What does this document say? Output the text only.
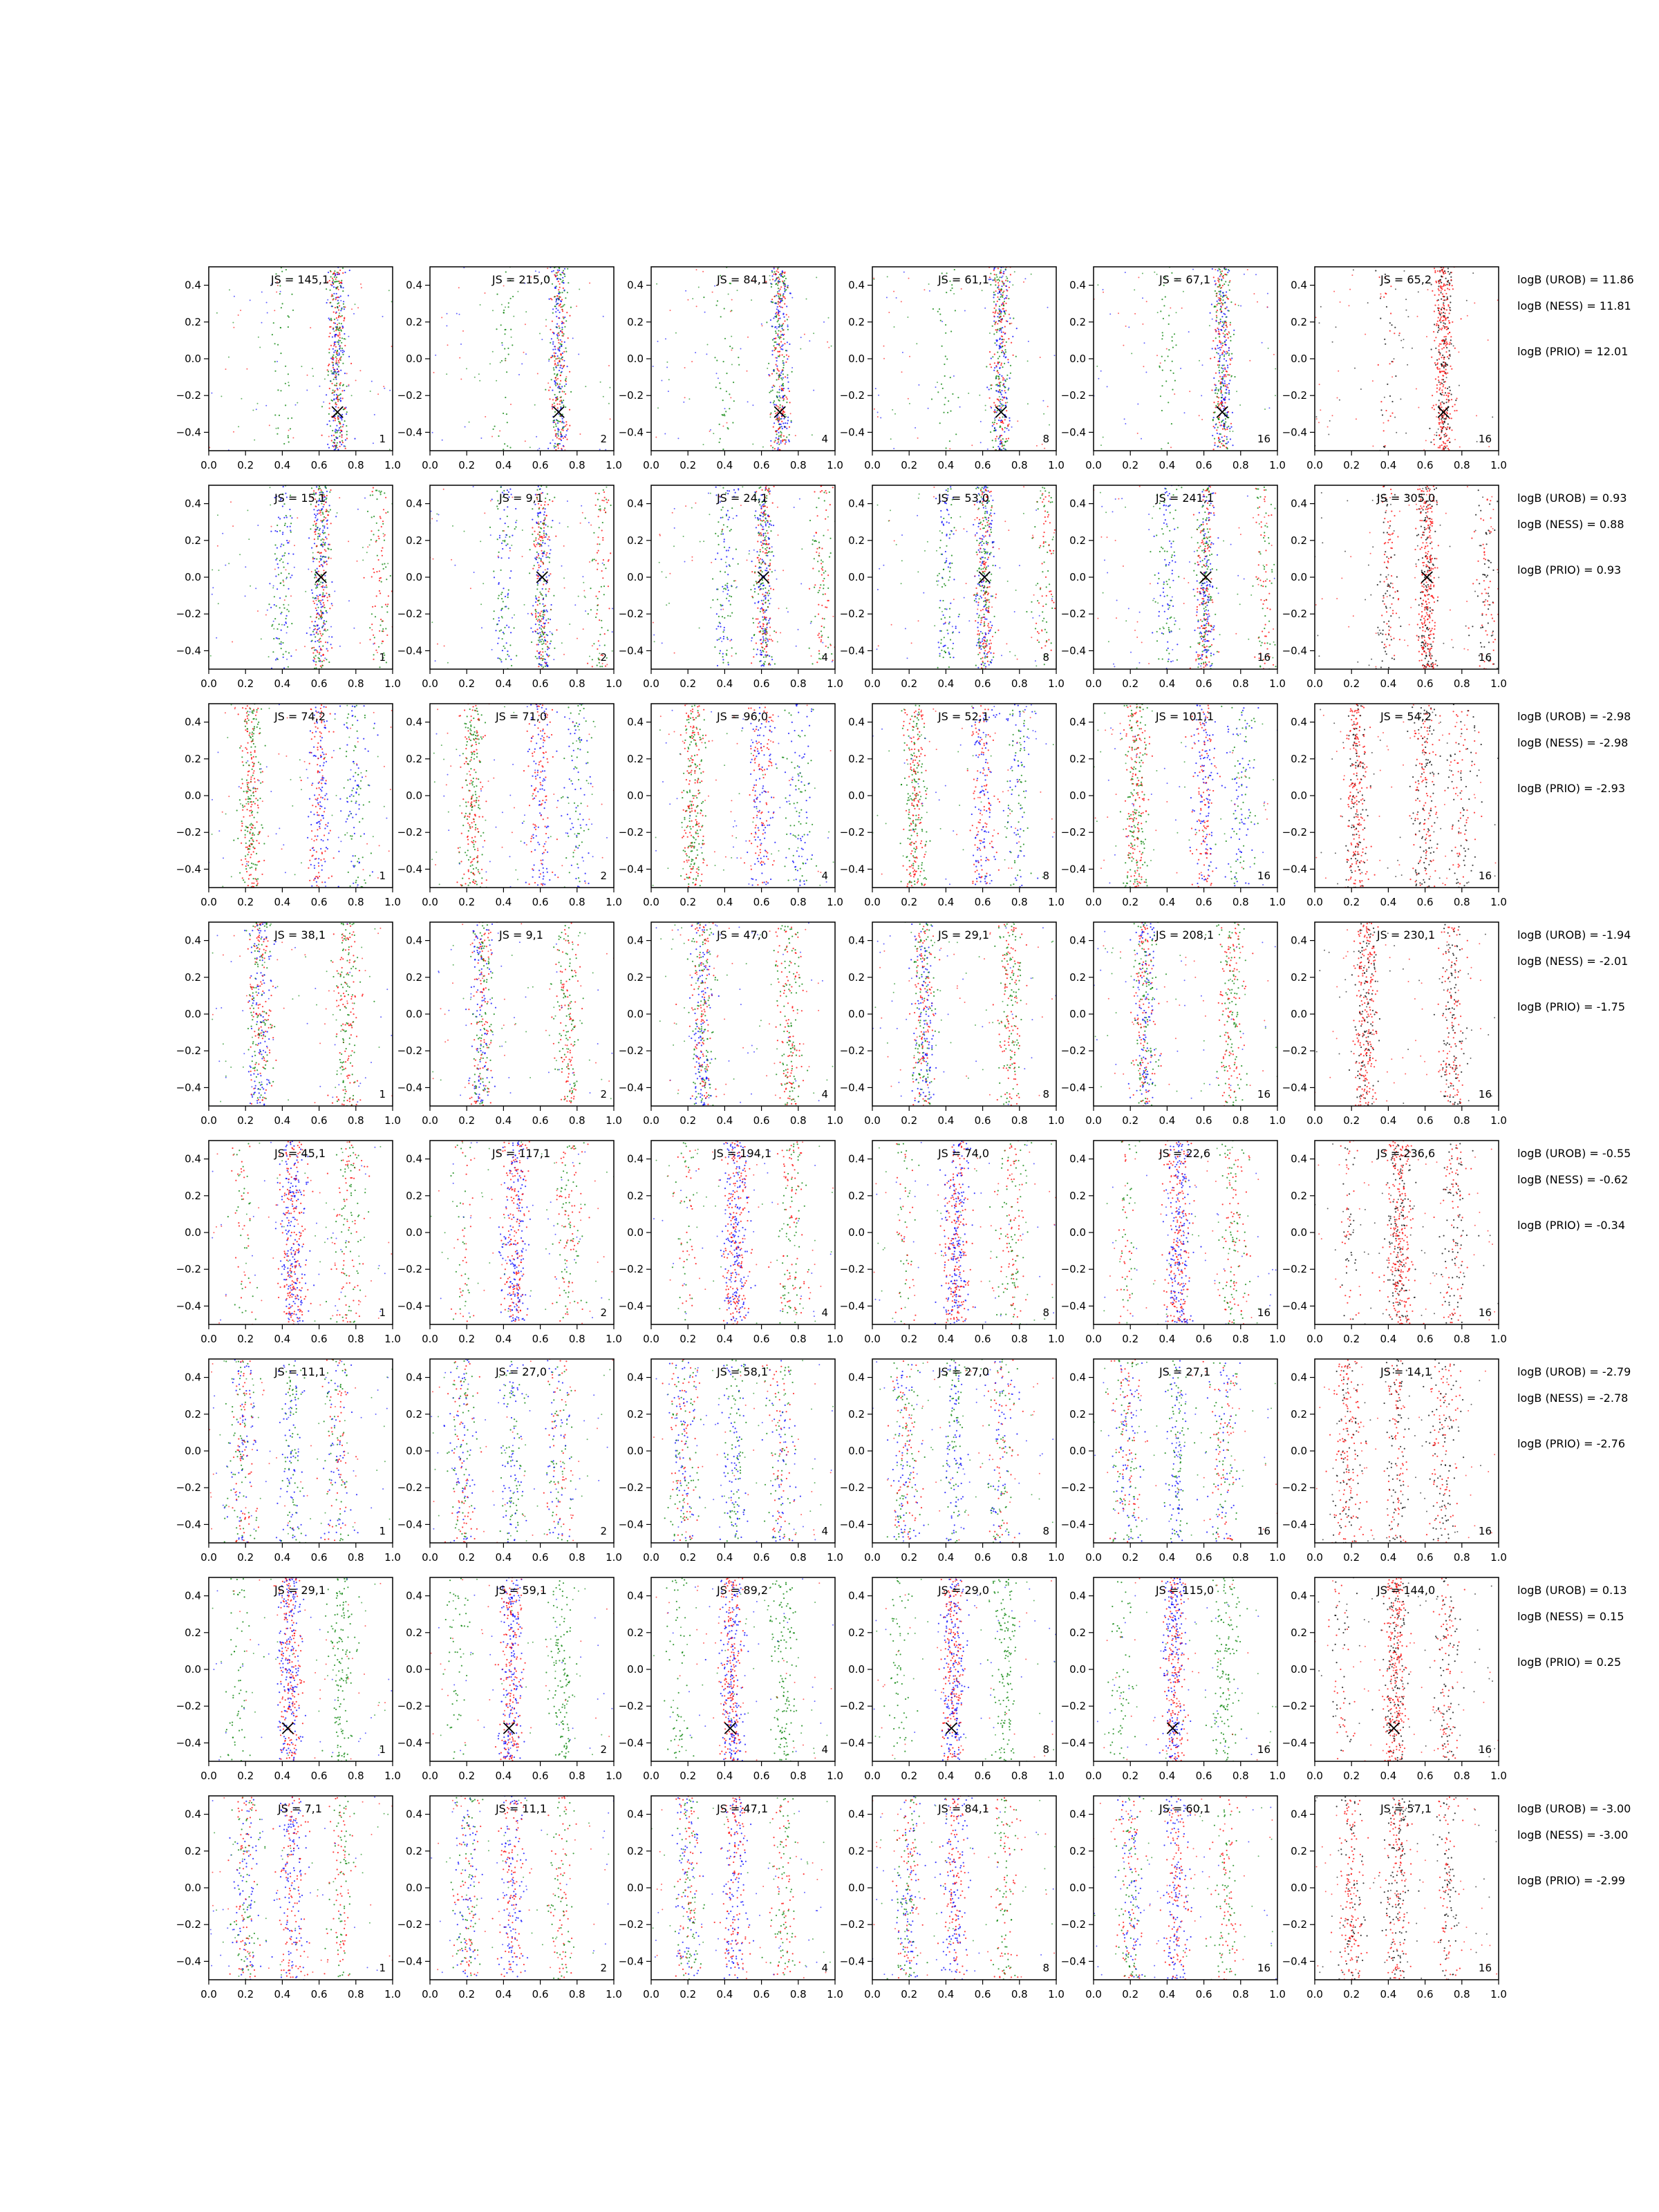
0.0 0.2 0.4 0.6 0.8 1.0
0.4
0.2
0.0
−0.2
−0.4
JS = 145,1
1
0.0 0.2 0.4 0.6 0.8 1.0
0.4
0.2
0.0
−0.2
−0.4
JS = 215,0
2
0.0 0.2 0.4 0.6 0.8 1.0
0.4
0.2
0.0
−0.2
−0.4
JS = 84,1
4
0.0 0.2 0.4 0.6 0.8 1.0
0.4
0.2
0.0
−0.2
−0.4
JS = 61,1
8
0.0 0.2 0.4 0.6 0.8 1.0
0.4
0.2
0.0
−0.2
−0.4
JS = 67,1
16
0.0 0.2 0.4 0.6 0.8 1.0
0.4
0.2
0.0
−0.2
−0.4
JS = 65,2
16
logB (UROB) = 11.86
logB (NESS) = 11.81
logB (PRIO) = 12.01
0.0 0.2 0.4 0.6 0.8 1.0
0.4
0.2
0.0
−0.2
−0.4
JS = 15,1
1
0.0 0.2 0.4 0.6 0.8 1.0
0.4
0.2
0.0
−0.2
−0.4
JS = 9,1
2
0.0 0.2 0.4 0.6 0.8 1.0
0.4
0.2
0.0
−0.2
−0.4
JS = 24,1
4
0.0 0.2 0.4 0.6 0.8 1.0
0.4
0.2
0.0
−0.2
−0.4
JS = 53,0
8
0.0 0.2 0.4 0.6 0.8 1.0
0.4
0.2
0.0
−0.2
−0.4
JS = 241,1
16
0.0 0.2 0.4 0.6 0.8 1.0
0.4
0.2
0.0
−0.2
−0.4
JS = 305,0
16
logB (UROB) = 0.93
logB (NESS) = 0.88
logB (PRIO) = 0.93
0.0 0.2 0.4 0.6 0.8 1.0
0.4
0.2
0.0
−0.2
−0.4
JS = 74,2
1
0.0 0.2 0.4 0.6 0.8 1.0
0.4
0.2
0.0
−0.2
−0.4
JS = 71,0
2
0.0 0.2 0.4 0.6 0.8 1.0
0.4
0.2
0.0
−0.2
−0.4
JS = 96,0
4
0.0 0.2 0.4 0.6 0.8 1.0
0.4
0.2
0.0
−0.2
−0.4
JS = 52,1
8
0.0 0.2 0.4 0.6 0.8 1.0
0.4
0.2
0.0
−0.2
−0.4
JS = 101,1
16
0.0 0.2 0.4 0.6 0.8 1.0
0.4
0.2
0.0
−0.2
−0.4
JS = 54,2
16
logB (UROB) = -2.98
logB (NESS) = -2.98
logB (PRIO) = -2.93
0.0 0.2 0.4 0.6 0.8 1.0
0.4
0.2
0.0
−0.2
−0.4
JS = 38,1
1
0.0 0.2 0.4 0.6 0.8 1.0
0.4
0.2
0.0
−0.2
−0.4
JS = 9,1
2
0.0 0.2 0.4 0.6 0.8 1.0
0.4
0.2
0.0
−0.2
−0.4
JS = 47,0
4
0.0 0.2 0.4 0.6 0.8 1.0
0.4
0.2
0.0
−0.2
−0.4
JS = 29,1
8
0.0 0.2 0.4 0.6 0.8 1.0
0.4
0.2
0.0
−0.2
−0.4
JS = 208,1
16
0.0 0.2 0.4 0.6 0.8 1.0
0.4
0.2
0.0
−0.2
−0.4
JS = 230,1
16
logB (UROB) = -1.94
logB (NESS) = -2.01
logB (PRIO) = -1.75
0.0 0.2 0.4 0.6 0.8 1.0
0.4
0.2
0.0
−0.2
−0.4
JS = 45,1
1
0.0 0.2 0.4 0.6 0.8 1.0
0.4
0.2
0.0
−0.2
−0.4
JS = 117,1
2
0.0 0.2 0.4 0.6 0.8 1.0
0.4
0.2
0.0
−0.2
−0.4
JS = 194,1
4
0.0 0.2 0.4 0.6 0.8 1.0
0.4
0.2
0.0
−0.2
−0.4
JS = 74,0
8
0.0 0.2 0.4 0.6 0.8 1.0
0.4
0.2
0.0
−0.2
−0.4
JS = 22,6
16
0.0 0.2 0.4 0.6 0.8 1.0
0.4
0.2
0.0
−0.2
−0.4
JS = 236,6
16
logB (UROB) = -0.55
logB (NESS) = -0.62
logB (PRIO) = -0.34
0.0 0.2 0.4 0.6 0.8 1.0
0.4
0.2
0.0
−0.2
−0.4
JS = 11,1
1
0.0 0.2 0.4 0.6 0.8 1.0
0.4
0.2
0.0
−0.2
−0.4
JS = 27,0
2
0.0 0.2 0.4 0.6 0.8 1.0
0.4
0.2
0.0
−0.2
−0.4
JS = 58,1
4
0.0 0.2 0.4 0.6 0.8 1.0
0.4
0.2
0.0
−0.2
−0.4
JS = 27,0
8
0.0 0.2 0.4 0.6 0.8 1.0
0.4
0.2
0.0
−0.2
−0.4
JS = 27,1
16
0.0 0.2 0.4 0.6 0.8 1.0
0.4
0.2
0.0
−0.2
−0.4
JS = 14,1
16
logB (UROB) = -2.79
logB (NESS) = -2.78
logB (PRIO) = -2.76
0.0 0.2 0.4 0.6 0.8 1.0
0.4
0.2
0.0
−0.2
−0.4
JS = 29,1
1
0.0 0.2 0.4 0.6 0.8 1.0
0.4
0.2
0.0
−0.2
−0.4
JS = 59,1
2
0.0 0.2 0.4 0.6 0.8 1.0
0.4
0.2
0.0
−0.2
−0.4
JS = 89,2
4
0.0 0.2 0.4 0.6 0.8 1.0
0.4
0.2
0.0
−0.2
−0.4
JS = 29,0
8
0.0 0.2 0.4 0.6 0.8 1.0
0.4
0.2
0.0
−0.2
−0.4
JS = 115,0
16
0.0 0.2 0.4 0.6 0.8 1.0
0.4
0.2
0.0
−0.2
−0.4
JS = 144,0
16
logB (UROB) = 0.13
logB (NESS) = 0.15
logB (PRIO) = 0.25
0.0 0.2 0.4 0.6 0.8 1.0
0.4
0.2
0.0
−0.2
−0.4
JS = 7,1
1
0.0 0.2 0.4 0.6 0.8 1.0
0.4
0.2
0.0
−0.2
−0.4
JS = 11,1
2
0.0 0.2 0.4 0.6 0.8 1.0
0.4
0.2
0.0
−0.2
−0.4
JS = 47,1
4
0.0 0.2 0.4 0.6 0.8 1.0
0.4
0.2
0.0
−0.2
−0.4
JS = 84,1
8
0.0 0.2 0.4 0.6 0.8 1.0
0.4
0.2
0.0
−0.2
−0.4
JS = 60,1
16
0.0 0.2 0.4 0.6 0.8 1.0
0.4
0.2
0.0
−0.2
−0.4
JS = 57,1
16
logB (UROB) = -3.00
logB (NESS) = -3.00
logB (PRIO) = -2.99
